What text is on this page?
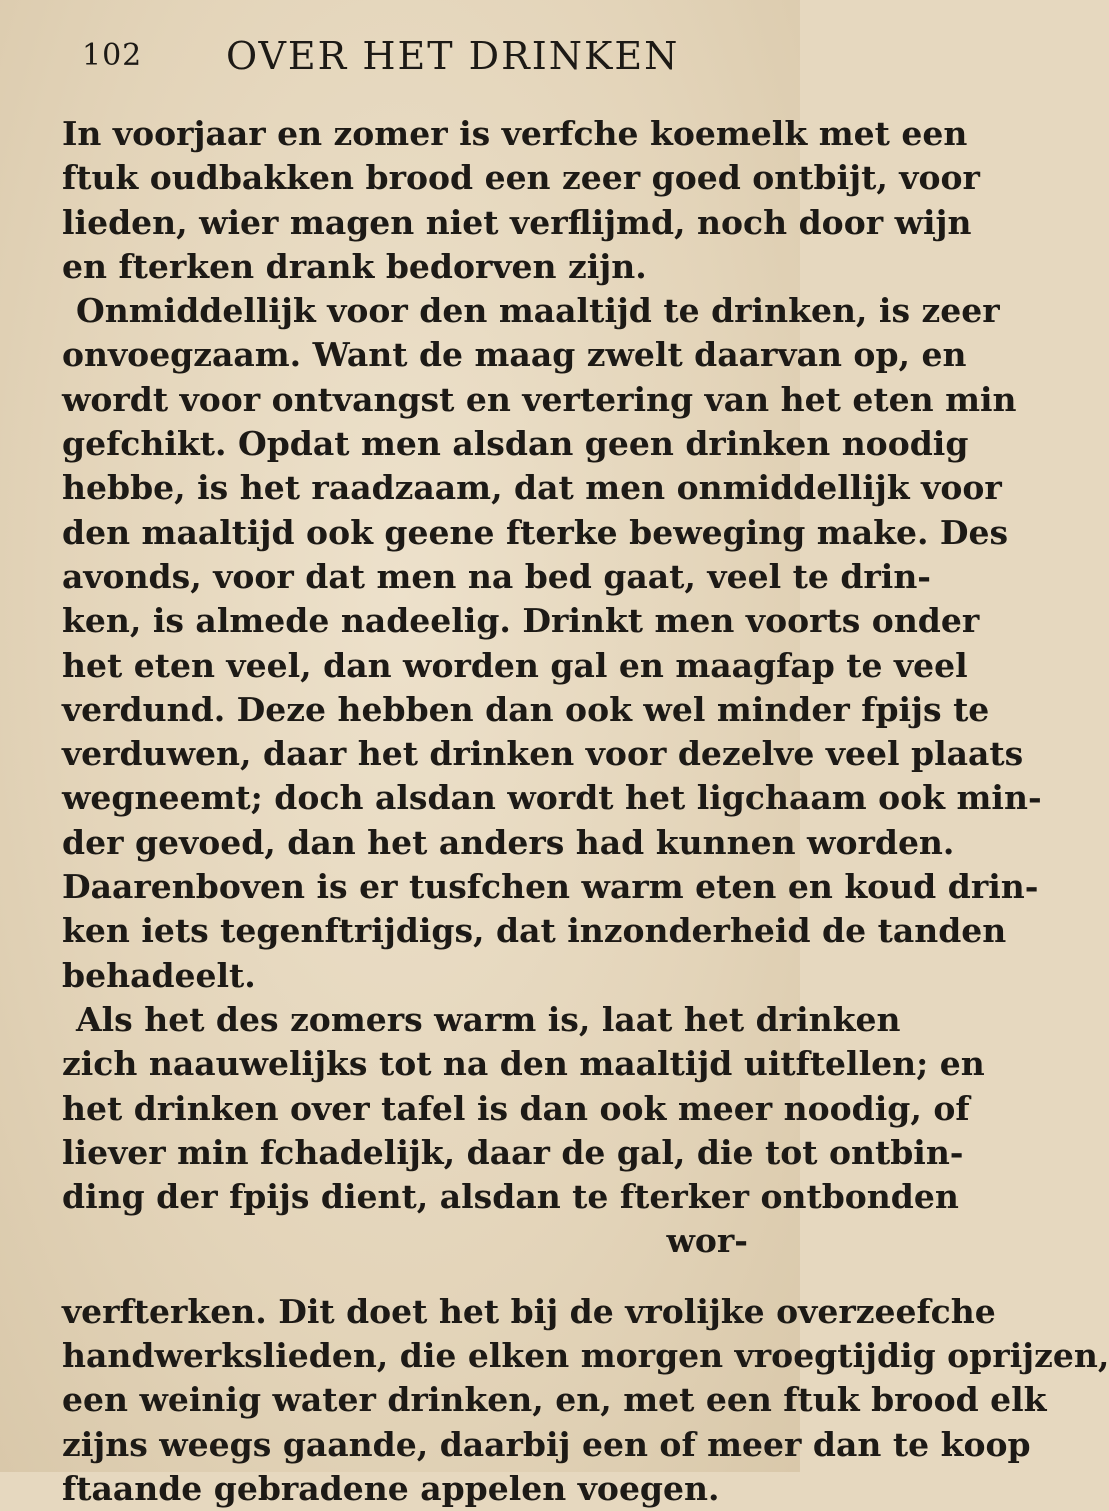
102 OVER HET DRINKEN
In voorjaar en zomer is verfche koemelk met een
ftuk oudbakken brood een zeer goed ontbijt, voor
lieden, wier magen niet verflijmd, noch door wijn
en fterken drank bedorven zijn.
Onmiddellijk voor den maaltijd te drinken, is zeer
onvoegzaam. Want de maag zwelt daarvan op, en
wordt voor ontvangst en vertering van het eten min
gefchikt. Opdat men alsdan geen drinken noodig
hebbe, is het raadzaam, dat men onmiddellijk voor
den maaltijd ook geene fterke beweging make. Des
avonds, voor dat men na bed gaat, veel te drin-
ken, is almede nadeelig. Drinkt men voorts onder
het eten veel, dan worden gal en maagfap te veel
verdund. Deze hebben dan ook wel minder fpijs te
verduwen, daar het drinken voor dezelve veel plaats
wegneemt; doch alsdan wordt het ligchaam ook min-
der gevoed, dan het anders had kunnen worden.
Daarenboven is er tusfchen warm eten en koud drin-
ken iets tegenftrijdigs, dat inzonderheid de tanden
behadeelt.
Als het des zomers warm is, laat het drinken
zich naauwelijks tot na den maaltijd uitftellen; en
het drinken over tafel is dan ook meer noodig, of
liever min fchadelijk, daar de gal, die tot ontbin-
ding der fpijs dient, alsdan te fterker ontbonden
wor-
verfterken. Dit doet het bij de vrolijke overzeefche
handwerkslieden, die elken morgen vroegtijdig oprijzen,
een weinig water drinken, en, met een ftuk brood elk
zijns weegs gaande, daarbij een of meer dan te koop
ftaande gebradene appelen voegen.
